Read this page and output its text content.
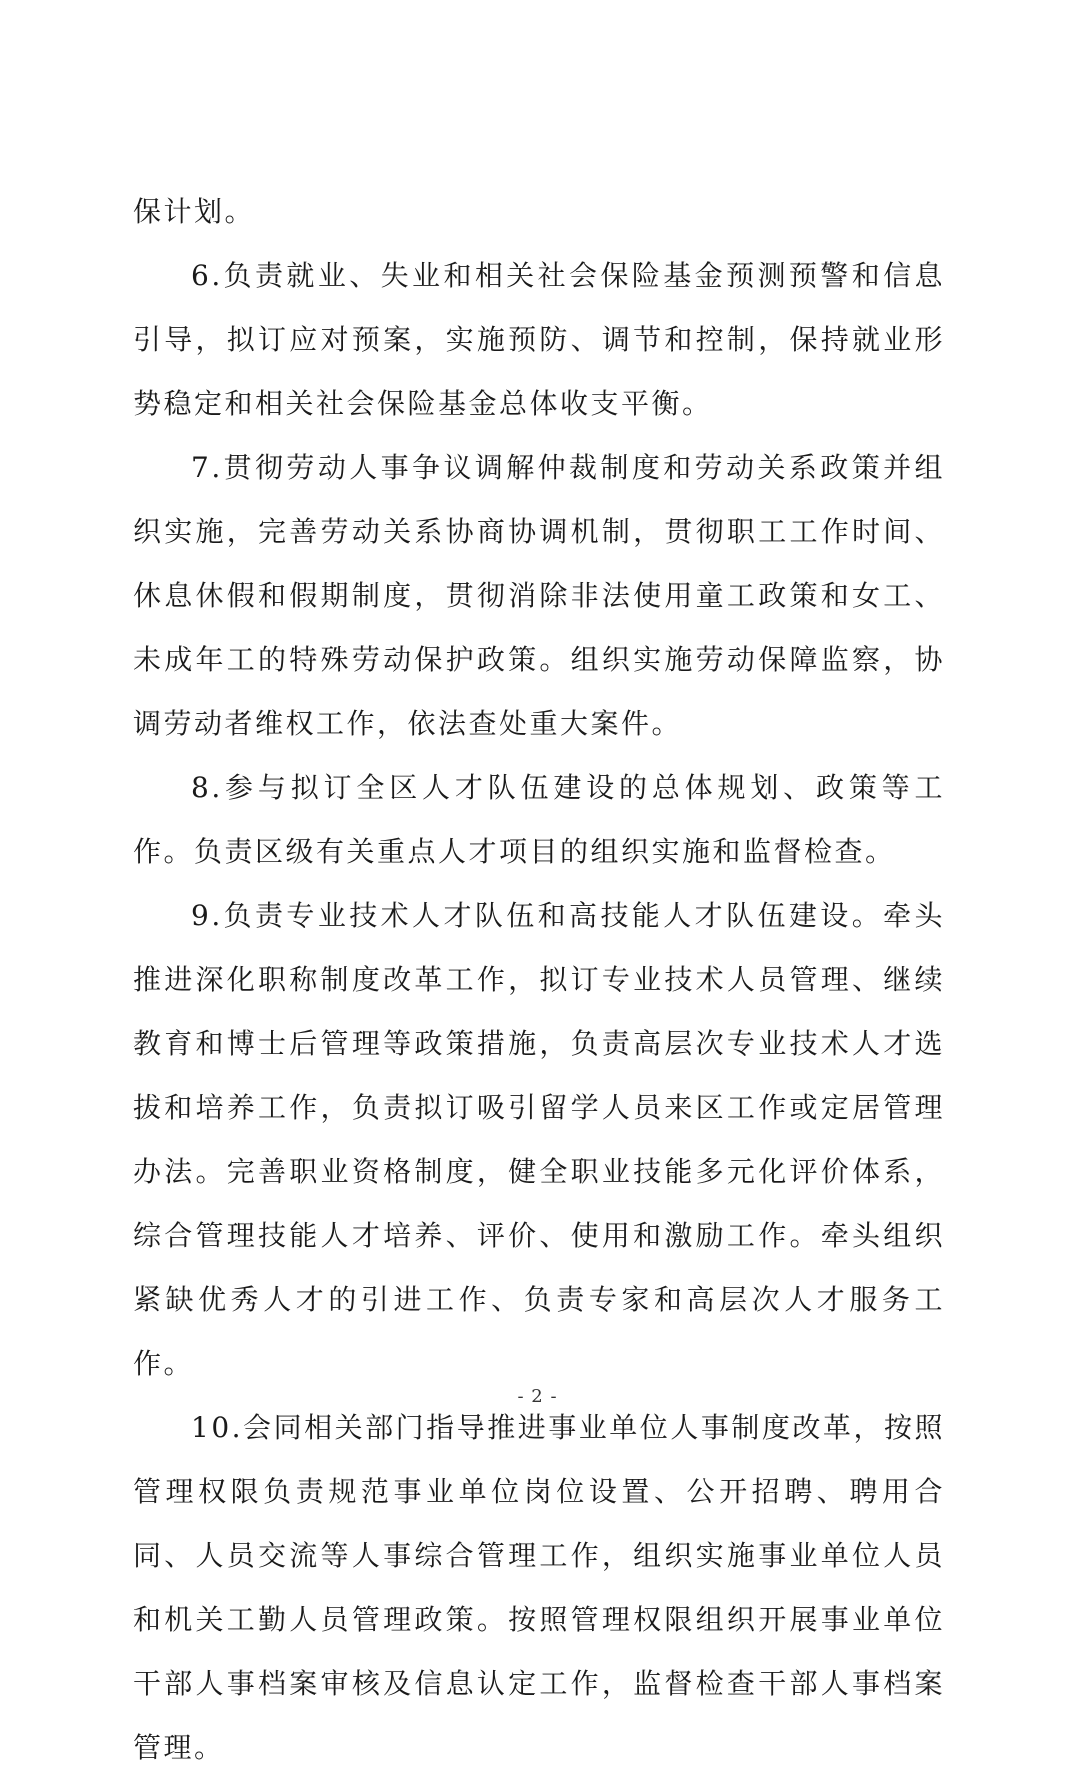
保计划。

6.负责就业、失业和相关社会保险基金预测预警和信息引导，拟订应对预案，实施预防、调节和控制，保持就业形势稳定和相关社会保险基金总体收支平衡。

7.贯彻劳动人事争议调解仲裁制度和劳动关系政策并组织实施，完善劳动关系协商协调机制，贯彻职工工作时间、休息休假和假期制度，贯彻消除非法使用童工政策和女工、未成年工的特殊劳动保护政策。组织实施劳动保障监察，协调劳动者维权工作，依法查处重大案件。

8.参与拟订全区人才队伍建设的总体规划、政策等工作。负责区级有关重点人才项目的组织实施和监督检查。

9.负责专业技术人才队伍和高技能人才队伍建设。牵头推进深化职称制度改革工作，拟订专业技术人员管理、继续教育和博士后管理等政策措施，负责高层次专业技术人才选拔和培养工作，负责拟订吸引留学人员来区工作或定居管理办法。完善职业资格制度，健全职业技能多元化评价体系，综合管理技能人才培养、评价、使用和激励工作。牵头组织紧缺优秀人才的引进工作、负责专家和高层次人才服务工作。

10.会同相关部门指导推进事业单位人事制度改革，按照管理权限负责规范事业单位岗位设置、公开招聘、聘用合同、人员交流等人事综合管理工作，组织实施事业单位人员和机关工勤人员管理政策。按照管理权限组织开展事业单位干部人事档案审核及信息认定工作，监督检查干部人事档案管理。

- 2 -
